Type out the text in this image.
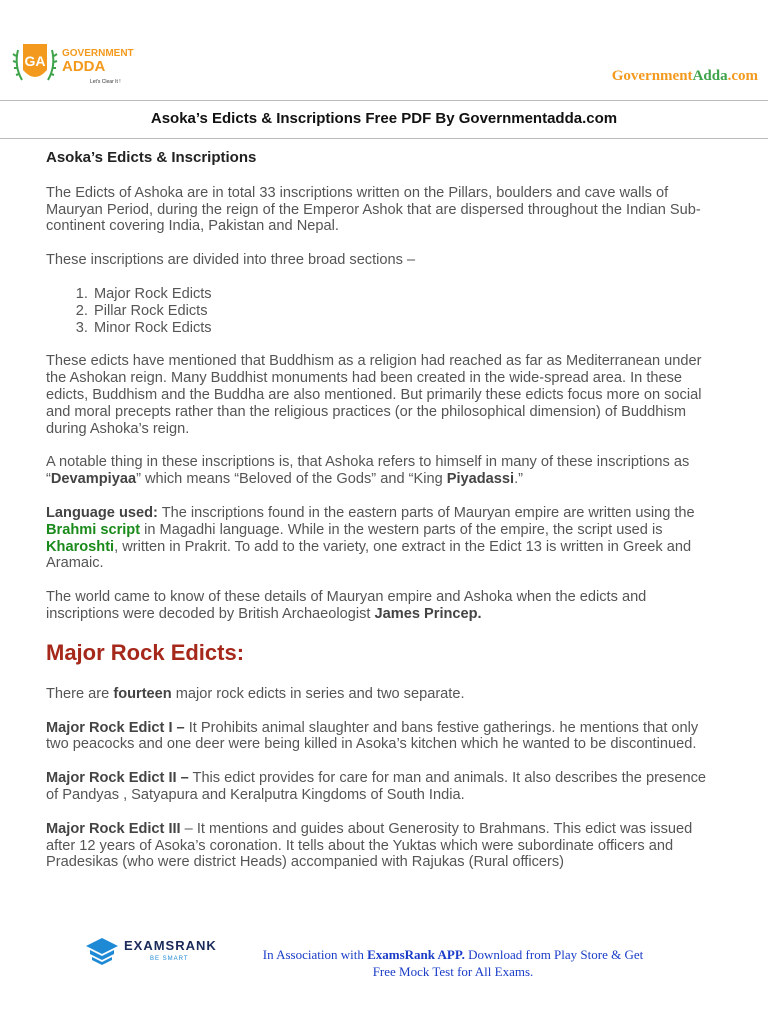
GA GOVERNMENT
ADDA
Let's Clear It !	GovernmentAdda.com
Asoka’s Edicts & Inscriptions Free PDF By Governmentadda.com

Asoka’s Edicts & Inscriptions

The Edicts of Ashoka are in total 33 inscriptions written on the Pillars, boulders and cave walls of Mauryan Period, during the reign of the Emperor Ashok that are dispersed throughout the Indian Sub-continent covering India, Pakistan and Nepal.

These inscriptions are divided into three broad sections –

1. Major Rock Edicts
2. Pillar Rock Edicts
3. Minor Rock Edicts

These edicts have mentioned that Buddhism as a religion had reached as far as Mediterranean under the Ashokan reign. Many Buddhist monuments had been created in the wide-spread area. In these edicts, Buddhism and the Buddha are also mentioned. But primarily these edicts focus more on social and moral precepts rather than the religious practices (or the philosophical dimension) of Buddhism during Ashoka’s reign.

A notable thing in these inscriptions is, that Ashoka refers to himself in many of these inscriptions as “Devampiyaa” which means “Beloved of the Gods” and “King Piyadassi.”

Language used: The inscriptions found in the eastern parts of Mauryan empire are written using the Brahmi script in Magadhi language. While in the western parts of the empire, the script used is Kharoshti, written in Prakrit. To add to the variety, one extract in the Edict 13 is written in Greek and Aramaic.

The world came to know of these details of Mauryan empire and Ashoka when the edicts and inscriptions were decoded by British Archaeologist James Princep.

Major Rock Edicts:

There are fourteen major rock edicts in series and two separate.

Major Rock Edict I – It Prohibits animal slaughter and bans festive gatherings. he mentions that only two peacocks and one deer were being killed in Asoka’s kitchen which he wanted to be discontinued.

Major Rock Edict II – This edict provides for care for man and animals. It also describes the presence of Pandyas , Satyapura and Keralputra Kingdoms of South India.

Major Rock Edict III – It mentions and guides about Generosity to Brahmans. This edict was issued after 12 years of Asoka’s coronation. It tells about the Yuktas which were subordinate officers and Pradesikas (who were district Heads) accompanied with Rajukas (Rural officers)

EXAMSRANK
BE SMART	In Association with ExamsRank APP. Download from Play Store & Get
Free Mock Test for All Exams.
